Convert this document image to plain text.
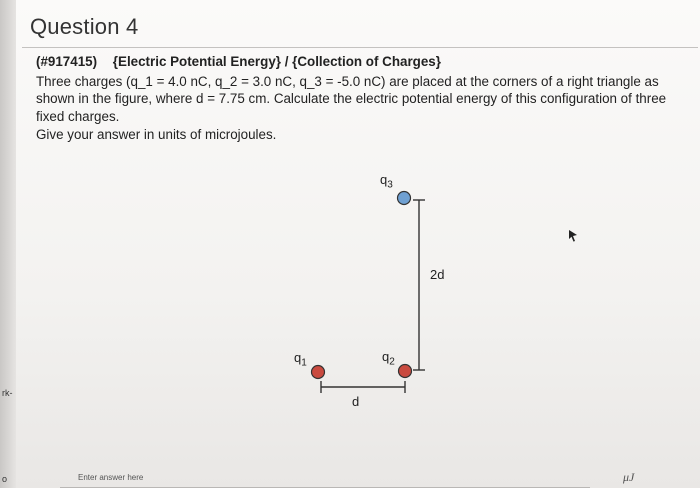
rk-
o
Question 4
(#917415) {Electric Potential Energy} / {Collection of Charges}
Three charges (q_1 = 4.0 nC, q_2 = 3.0 nC, q_3 = -5.0 nC) are placed at the corners of a right triangle as shown in the figure, where d = 7.75 cm. Calculate the electric potential energy of this configuration of three fixed charges.
Give your answer in units of microjoules.
$q_3$
$q_1$	$q_2$
2d
d
Enter answer here
μJ
